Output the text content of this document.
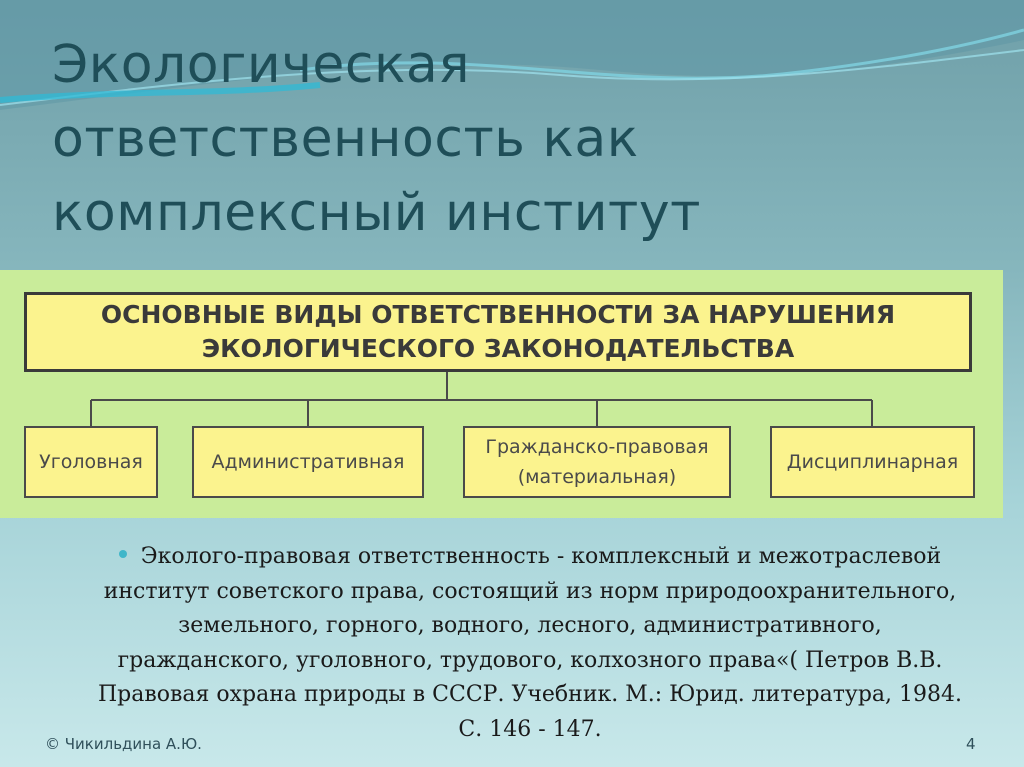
Экологическая
ответственность как
комплексный институт
ОСНОВНЫЕ ВИДЫ ОТВЕТСТВЕННОСТИ ЗА НАРУШЕНИЯ
ЭКОЛОГИЧЕСКОГО ЗАКОНОДАТЕЛЬСТВА
Уголовная	Административная
Гражданско-правовая
(материальная)
Дисциплинарная
Эколого-правовая ответственность - комплексный и межотраслевой институт советского права, состоящий из норм природоохранительного, земельного, горного, водного, лесного, административного, гражданского, уголовного, трудового, колхозного права«( Петров В.В. Правовая охрана природы в СССР. Учебник. М.: Юрид. литература, 1984. С. 146 - 147.
© Чикильдина А.Ю.	4
